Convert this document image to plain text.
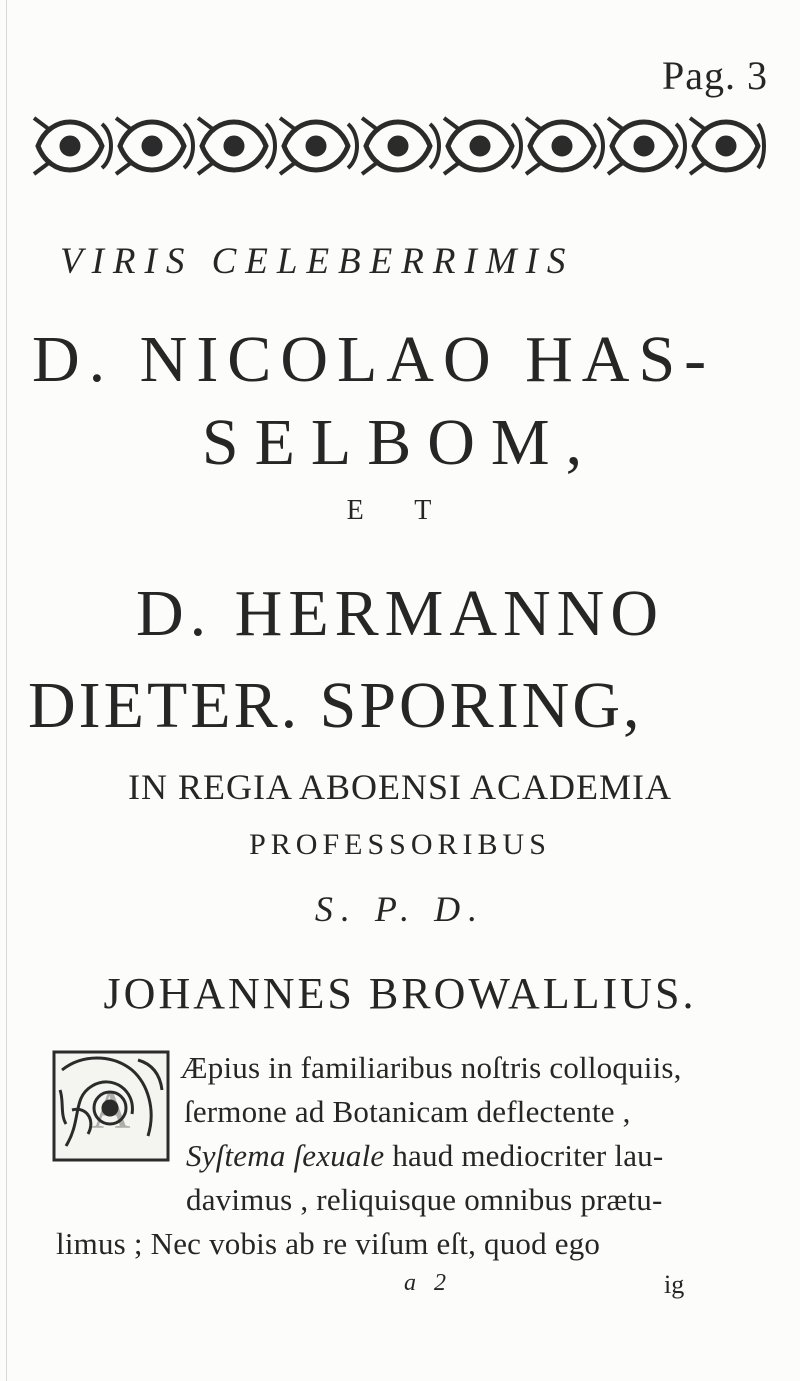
Pag. 3
VIRIS CELEBERRIMIS
D. NICOLAO HAS-
SELBOM,
E T
D. HERMANNO
DIETER. SPORING,
IN REGIA ABOENSI ACADEMIA
PROFESSORIBUS
S. P. D.
JOHANNES BROWALLIUS.
A
Æpius in familiaribus noſtris colloquiis,
ſermone ad Botanicam deflectente ,
Syſtema ſexuale haud mediocriter lau-
davimus , reliquisque omnibus prætu-
limus ; Nec vobis ab re viſum eſt, quod ego
a 2	ig
